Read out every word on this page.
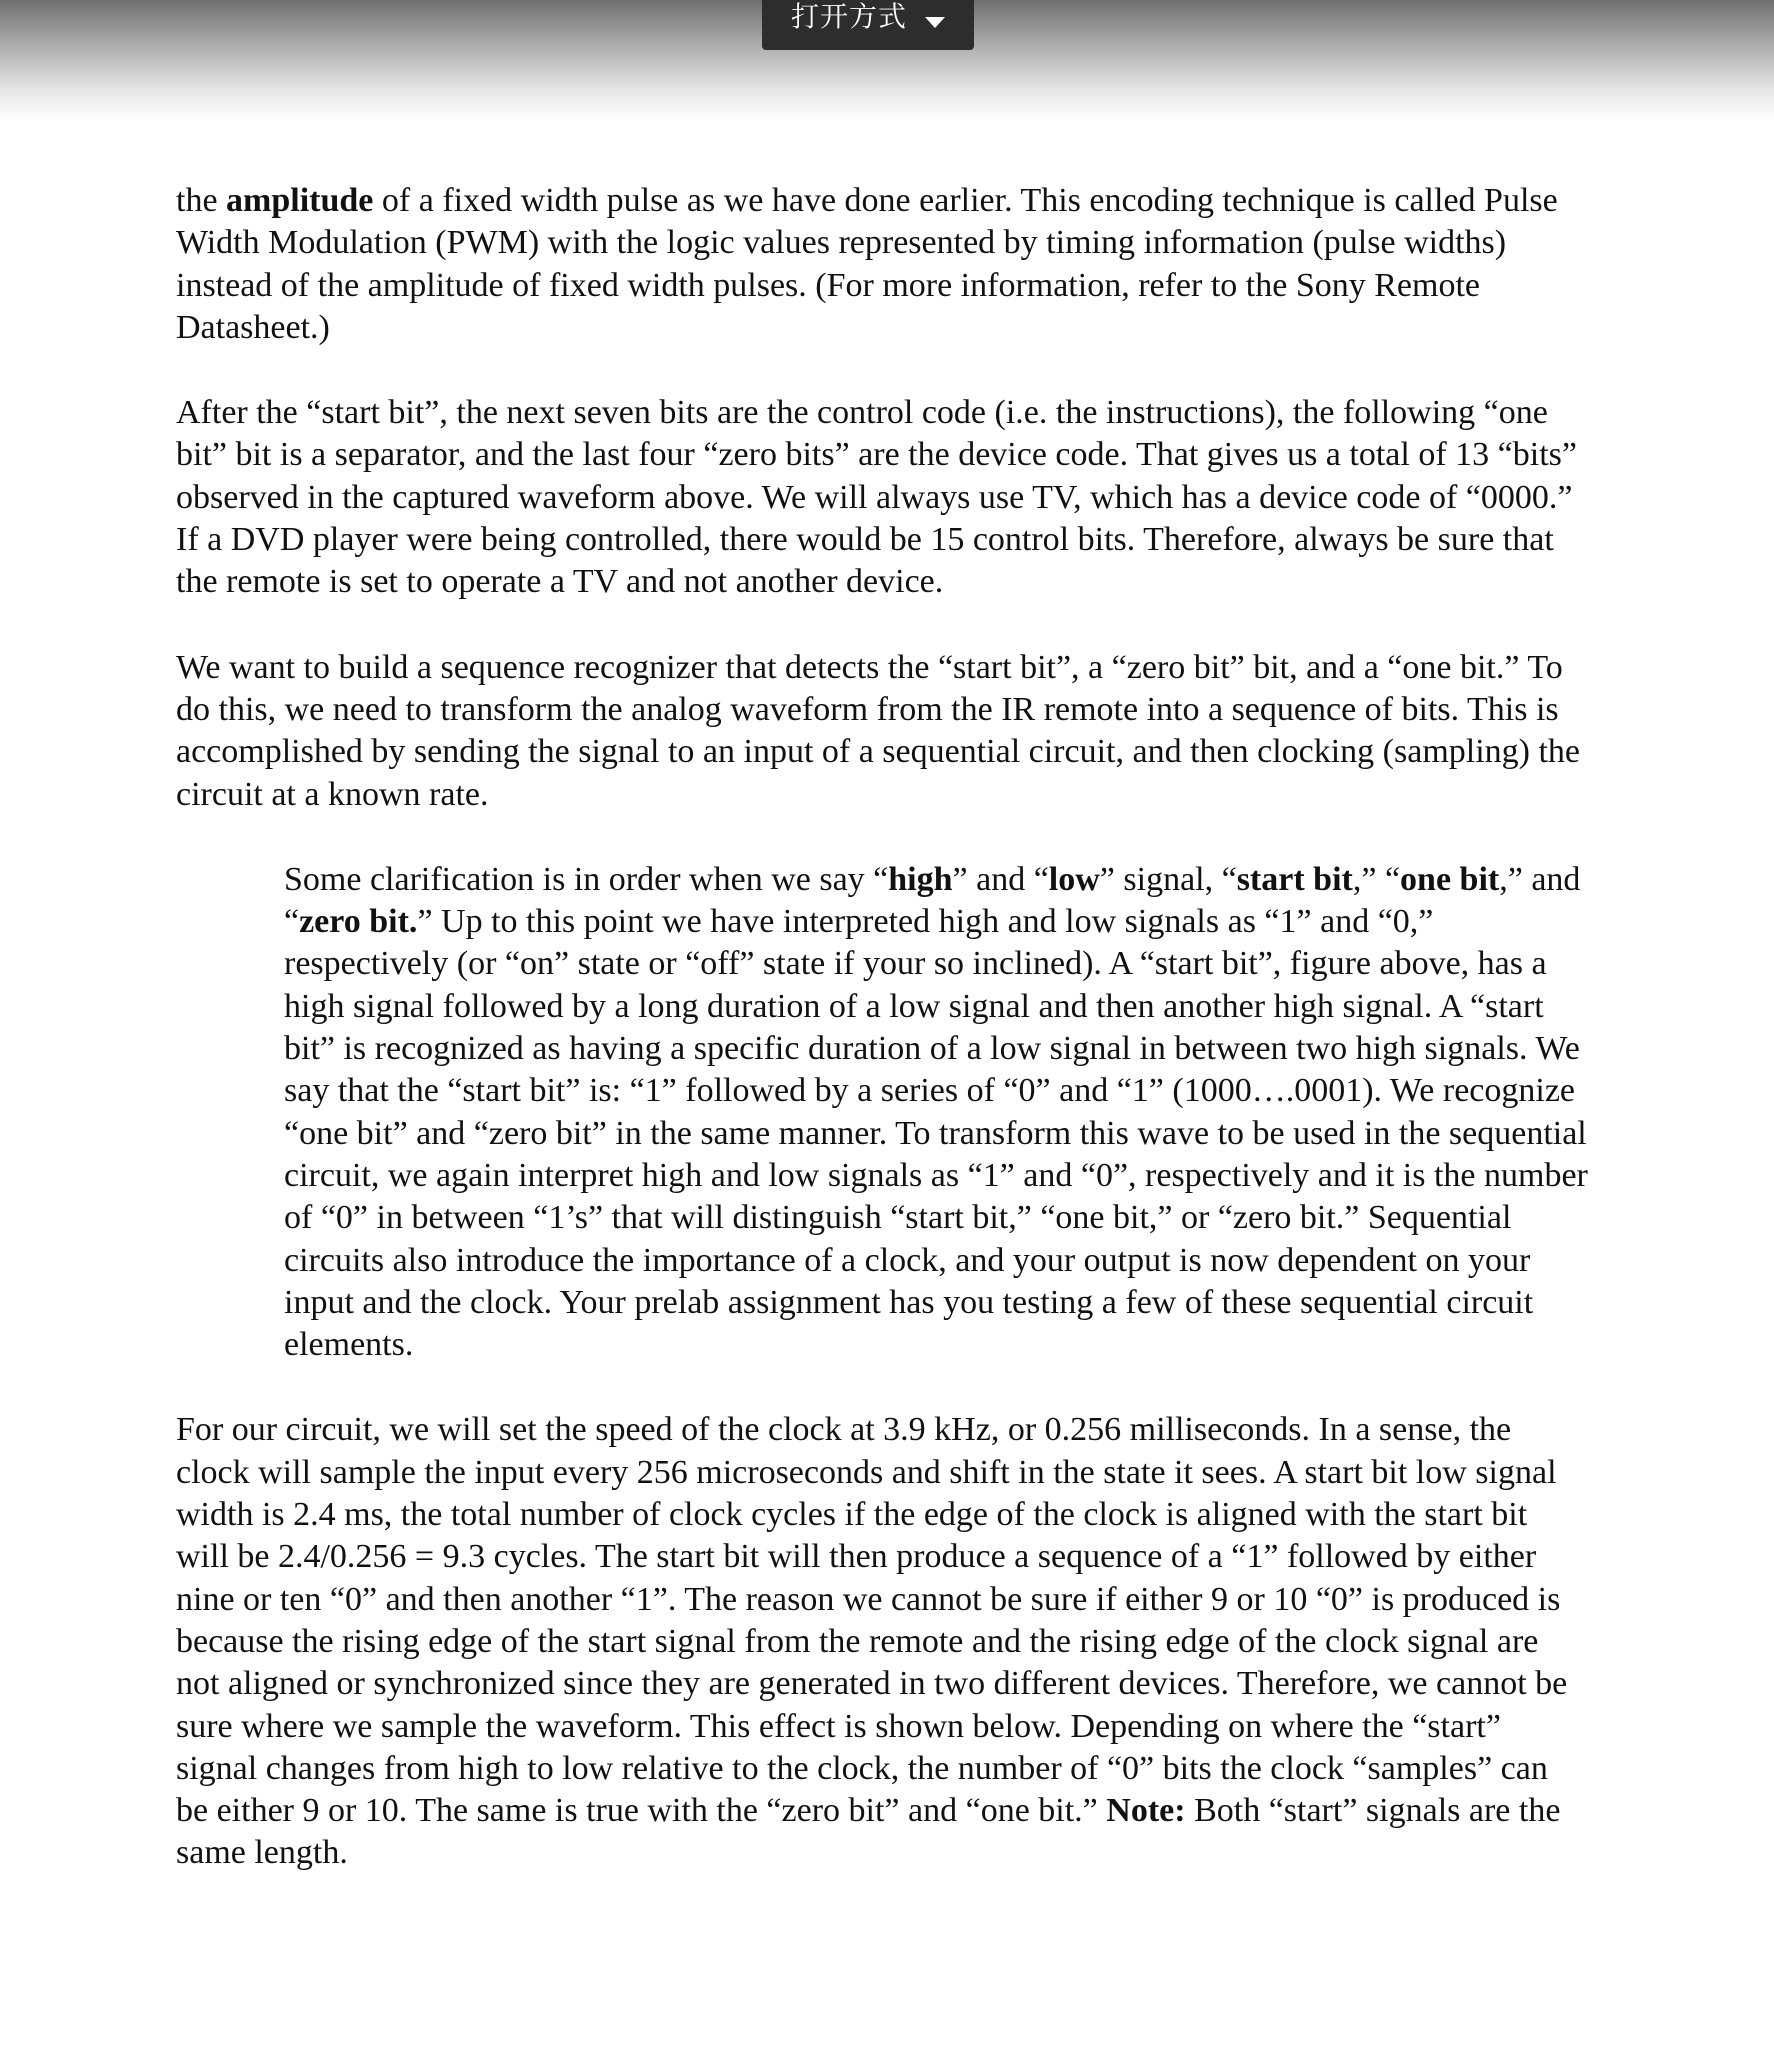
打开方式

the amplitude of a fixed width pulse as we have done earlier. This encoding technique is called Pulse Width Modulation (PWM) with the logic values represented by timing information (pulse widths) instead of the amplitude of fixed width pulses. (For more information, refer to the Sony Remote Datasheet.)

After the “start bit”, the next seven bits are the control code (i.e. the instructions), the following “one bit” bit is a separator, and the last four “zero bits” are the device code. That gives us a total of 13 “bits” observed in the captured waveform above. We will always use TV, which has a device code of “0000.” If a DVD player were being controlled, there would be 15 control bits. Therefore, always be sure that the remote is set to operate a TV and not another device.

We want to build a sequence recognizer that detects the “start bit”, a “zero bit” bit, and a “one bit.” To do this, we need to transform the analog waveform from the IR remote into a sequence of bits. This is accomplished by sending the signal to an input of a sequential circuit, and then clocking (sampling) the circuit at a known rate.

Some clarification is in order when we say “high” and “low” signal, “start bit,” “one bit,” and “zero bit.” Up to this point we have interpreted high and low signals as “1” and “0,” respectively (or “on” state or “off” state if your so inclined). A “start bit”, figure above, has a high signal followed by a long duration of a low signal and then another high signal. A “start bit” is recognized as having a specific duration of a low signal in between two high signals. We say that the “start bit” is: “1” followed by a series of “0” and “1” (1000….0001). We recognize “one bit” and “zero bit” in the same manner. To transform this wave to be used in the sequential circuit, we again interpret high and low signals as “1” and “0”, respectively and it is the number of “0” in between “1’s” that will distinguish “start bit,” “one bit,” or “zero bit.” Sequential circuits also introduce the importance of a clock, and your output is now dependent on your input and the clock. Your prelab assignment has you testing a few of these sequential circuit elements.

For our circuit, we will set the speed of the clock at 3.9 kHz, or 0.256 milliseconds. In a sense, the clock will sample the input every 256 microseconds and shift in the state it sees. A start bit low signal width is 2.4 ms, the total number of clock cycles if the edge of the clock is aligned with the start bit will be 2.4/0.256 = 9.3 cycles. The start bit will then produce a sequence of a “1” followed by either nine or ten “0” and then another “1”. The reason we cannot be sure if either 9 or 10 “0” is produced is because the rising edge of the start signal from the remote and the rising edge of the clock signal are not aligned or synchronized since they are generated in two different devices. Therefore, we cannot be sure where we sample the waveform. This effect is shown below. Depending on where the “start” signal changes from high to low relative to the clock, the number of “0” bits the clock “samples” can be either 9 or 10. The same is true with the “zero bit” and “one bit.” Note: Both “start” signals are the same length.
